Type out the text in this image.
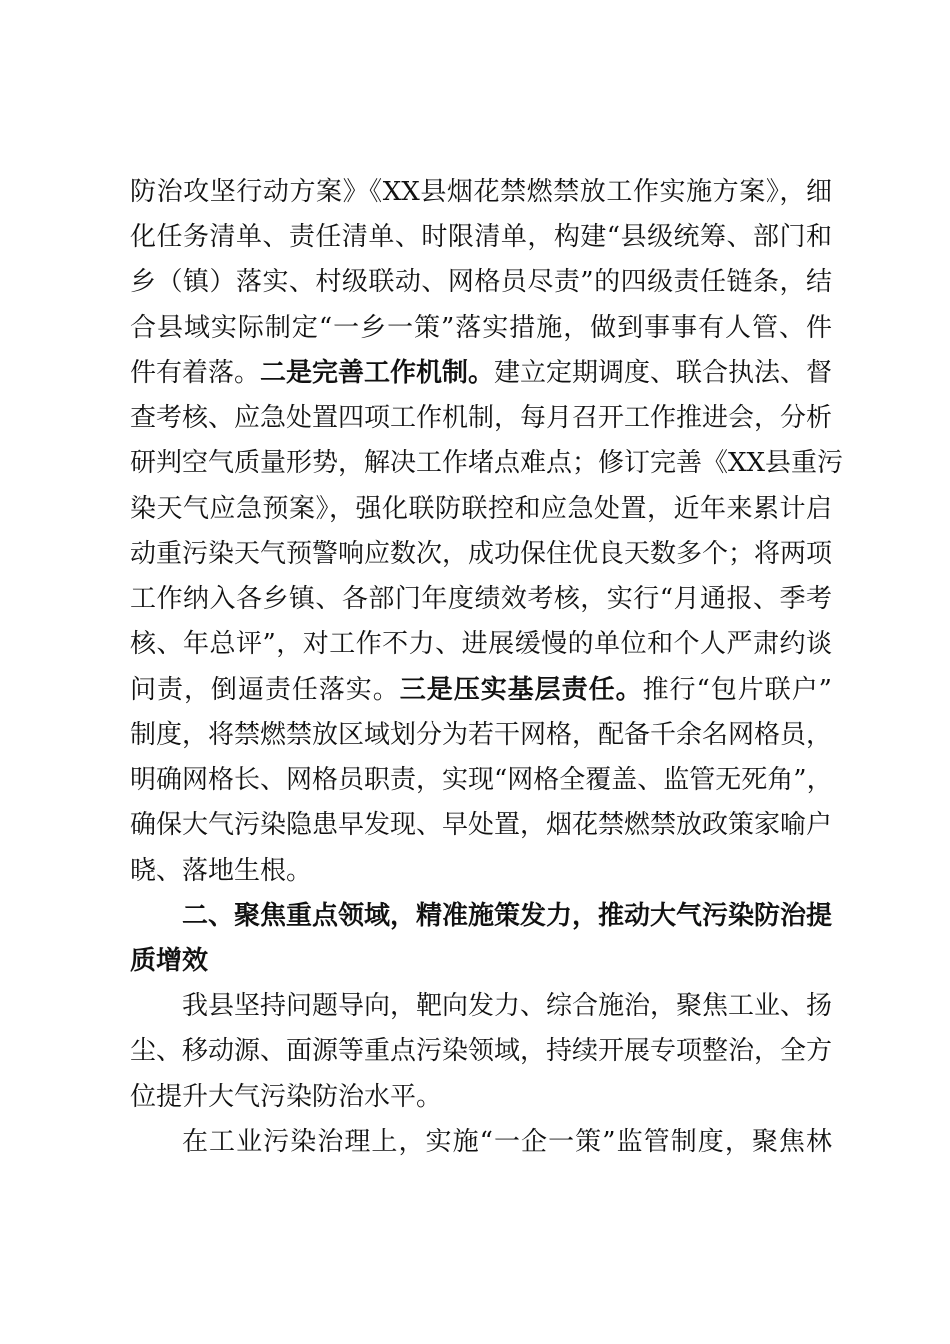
防治攻坚行动方案》《XX县烟花禁燃禁放工作实施方案》，细
化任务清单、责任清单、时限清单，构建“县级统筹、部门和
乡（镇）落实、村级联动、网格员尽责”的四级责任链条，结
合县域实际制定“一乡一策”落实措施，做到事事有人管、件
件有着落。二是完善工作机制。建立定期调度、联合执法、督
查考核、应急处置四项工作机制，每月召开工作推进会，分析
研判空气质量形势，解决工作堵点难点；修订完善《XX县重污
染天气应急预案》，强化联防联控和应急处置，近年来累计启
动重污染天气预警响应数次，成功保住优良天数多个；将两项
工作纳入各乡镇、各部门年度绩效考核，实行“月通报、季考
核、年总评”，对工作不力、进展缓慢的单位和个人严肃约谈
问责，倒逼责任落实。三是压实基层责任。推行“包片联户”
制度，将禁燃禁放区域划分为若干网格，配备千余名网格员，
明确网格长、网格员职责，实现“网格全覆盖、监管无死角”，
确保大气污染隐患早发现、早处置，烟花禁燃禁放政策家喻户
晓、落地生根。
二、聚焦重点领域，精准施策发力，推动大气污染防治提
质增效
我县坚持问题导向，靶向发力、综合施治，聚焦工业、扬
尘、移动源、面源等重点污染领域，持续开展专项整治，全方
位提升大气污染防治水平。
在工业污染治理上，实施“一企一策”监管制度，聚焦林
